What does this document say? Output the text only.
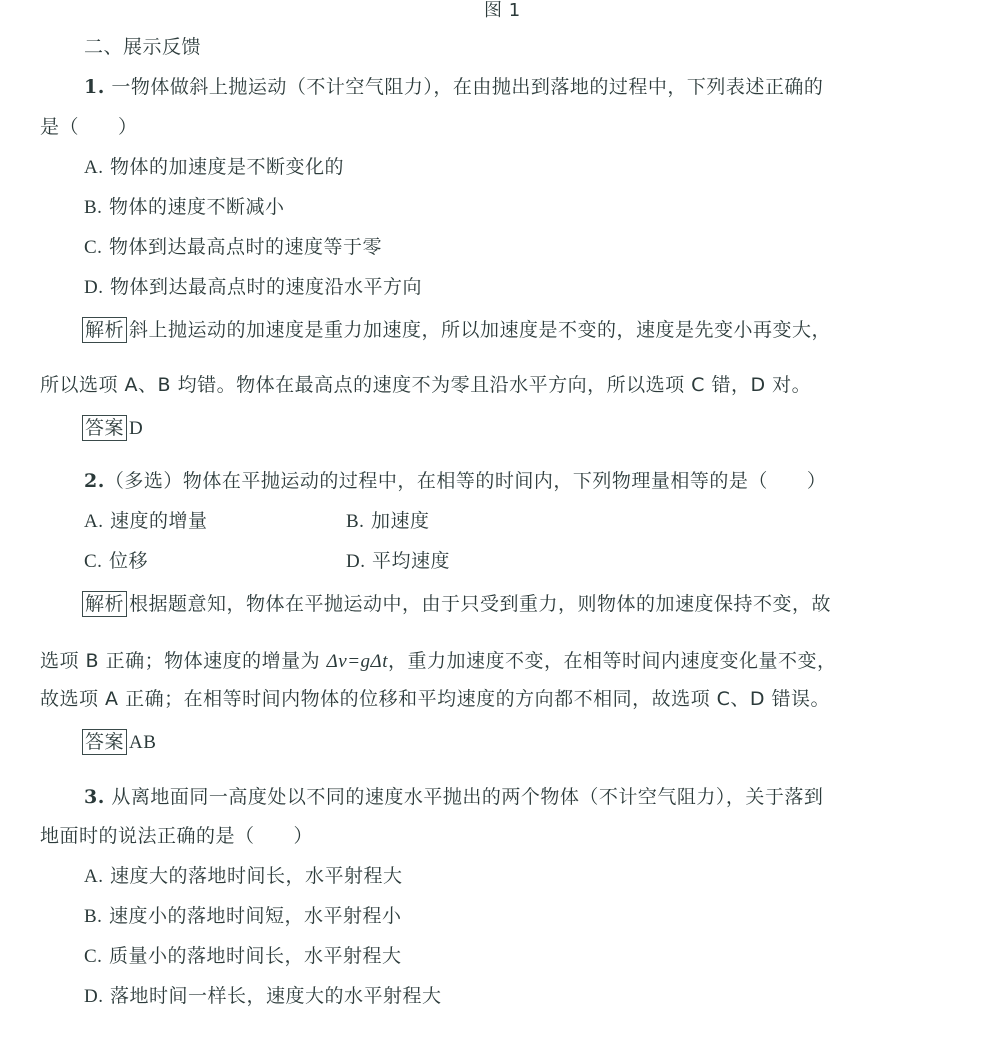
图 1
二、展示反馈
1. 一物体做斜上抛运动（不计空气阻力），在由抛出到落地的过程中，下列表述正确的
是（　　）
A. 物体的加速度是不断变化的
B. 物体的速度不断减小
C. 物体到达最高点时的速度等于零
D. 物体到达最高点时的速度沿水平方向
解析 斜上抛运动的加速度是重力加速度，所以加速度是不变的，速度是先变小再变大，
所以选项 A、B 均错。物体在最高点的速度不为零且沿水平方向，所以选项 C 错，D 对。
答案 D
2.（多选）物体在平抛运动的过程中，在相等的时间内，下列物理量相等的是（　　）
A. 速度的增量	B. 加速度
C. 位移	D. 平均速度
解析 根据题意知，物体在平抛运动中，由于只受到重力，则物体的加速度保持不变，故
选项 B 正确；物体速度的增量为 Δv=gΔt，重力加速度不变，在相等时间内速度变化量不变，
故选项 A 正确；在相等时间内物体的位移和平均速度的方向都不相同，故选项 C、D 错误。
答案 AB
3. 从离地面同一高度处以不同的速度水平抛出的两个物体（不计空气阻力），关于落到
地面时的说法正确的是（　　）
A. 速度大的落地时间长，水平射程大
B. 速度小的落地时间短，水平射程小
C. 质量小的落地时间长，水平射程大
D. 落地时间一样长，速度大的水平射程大
